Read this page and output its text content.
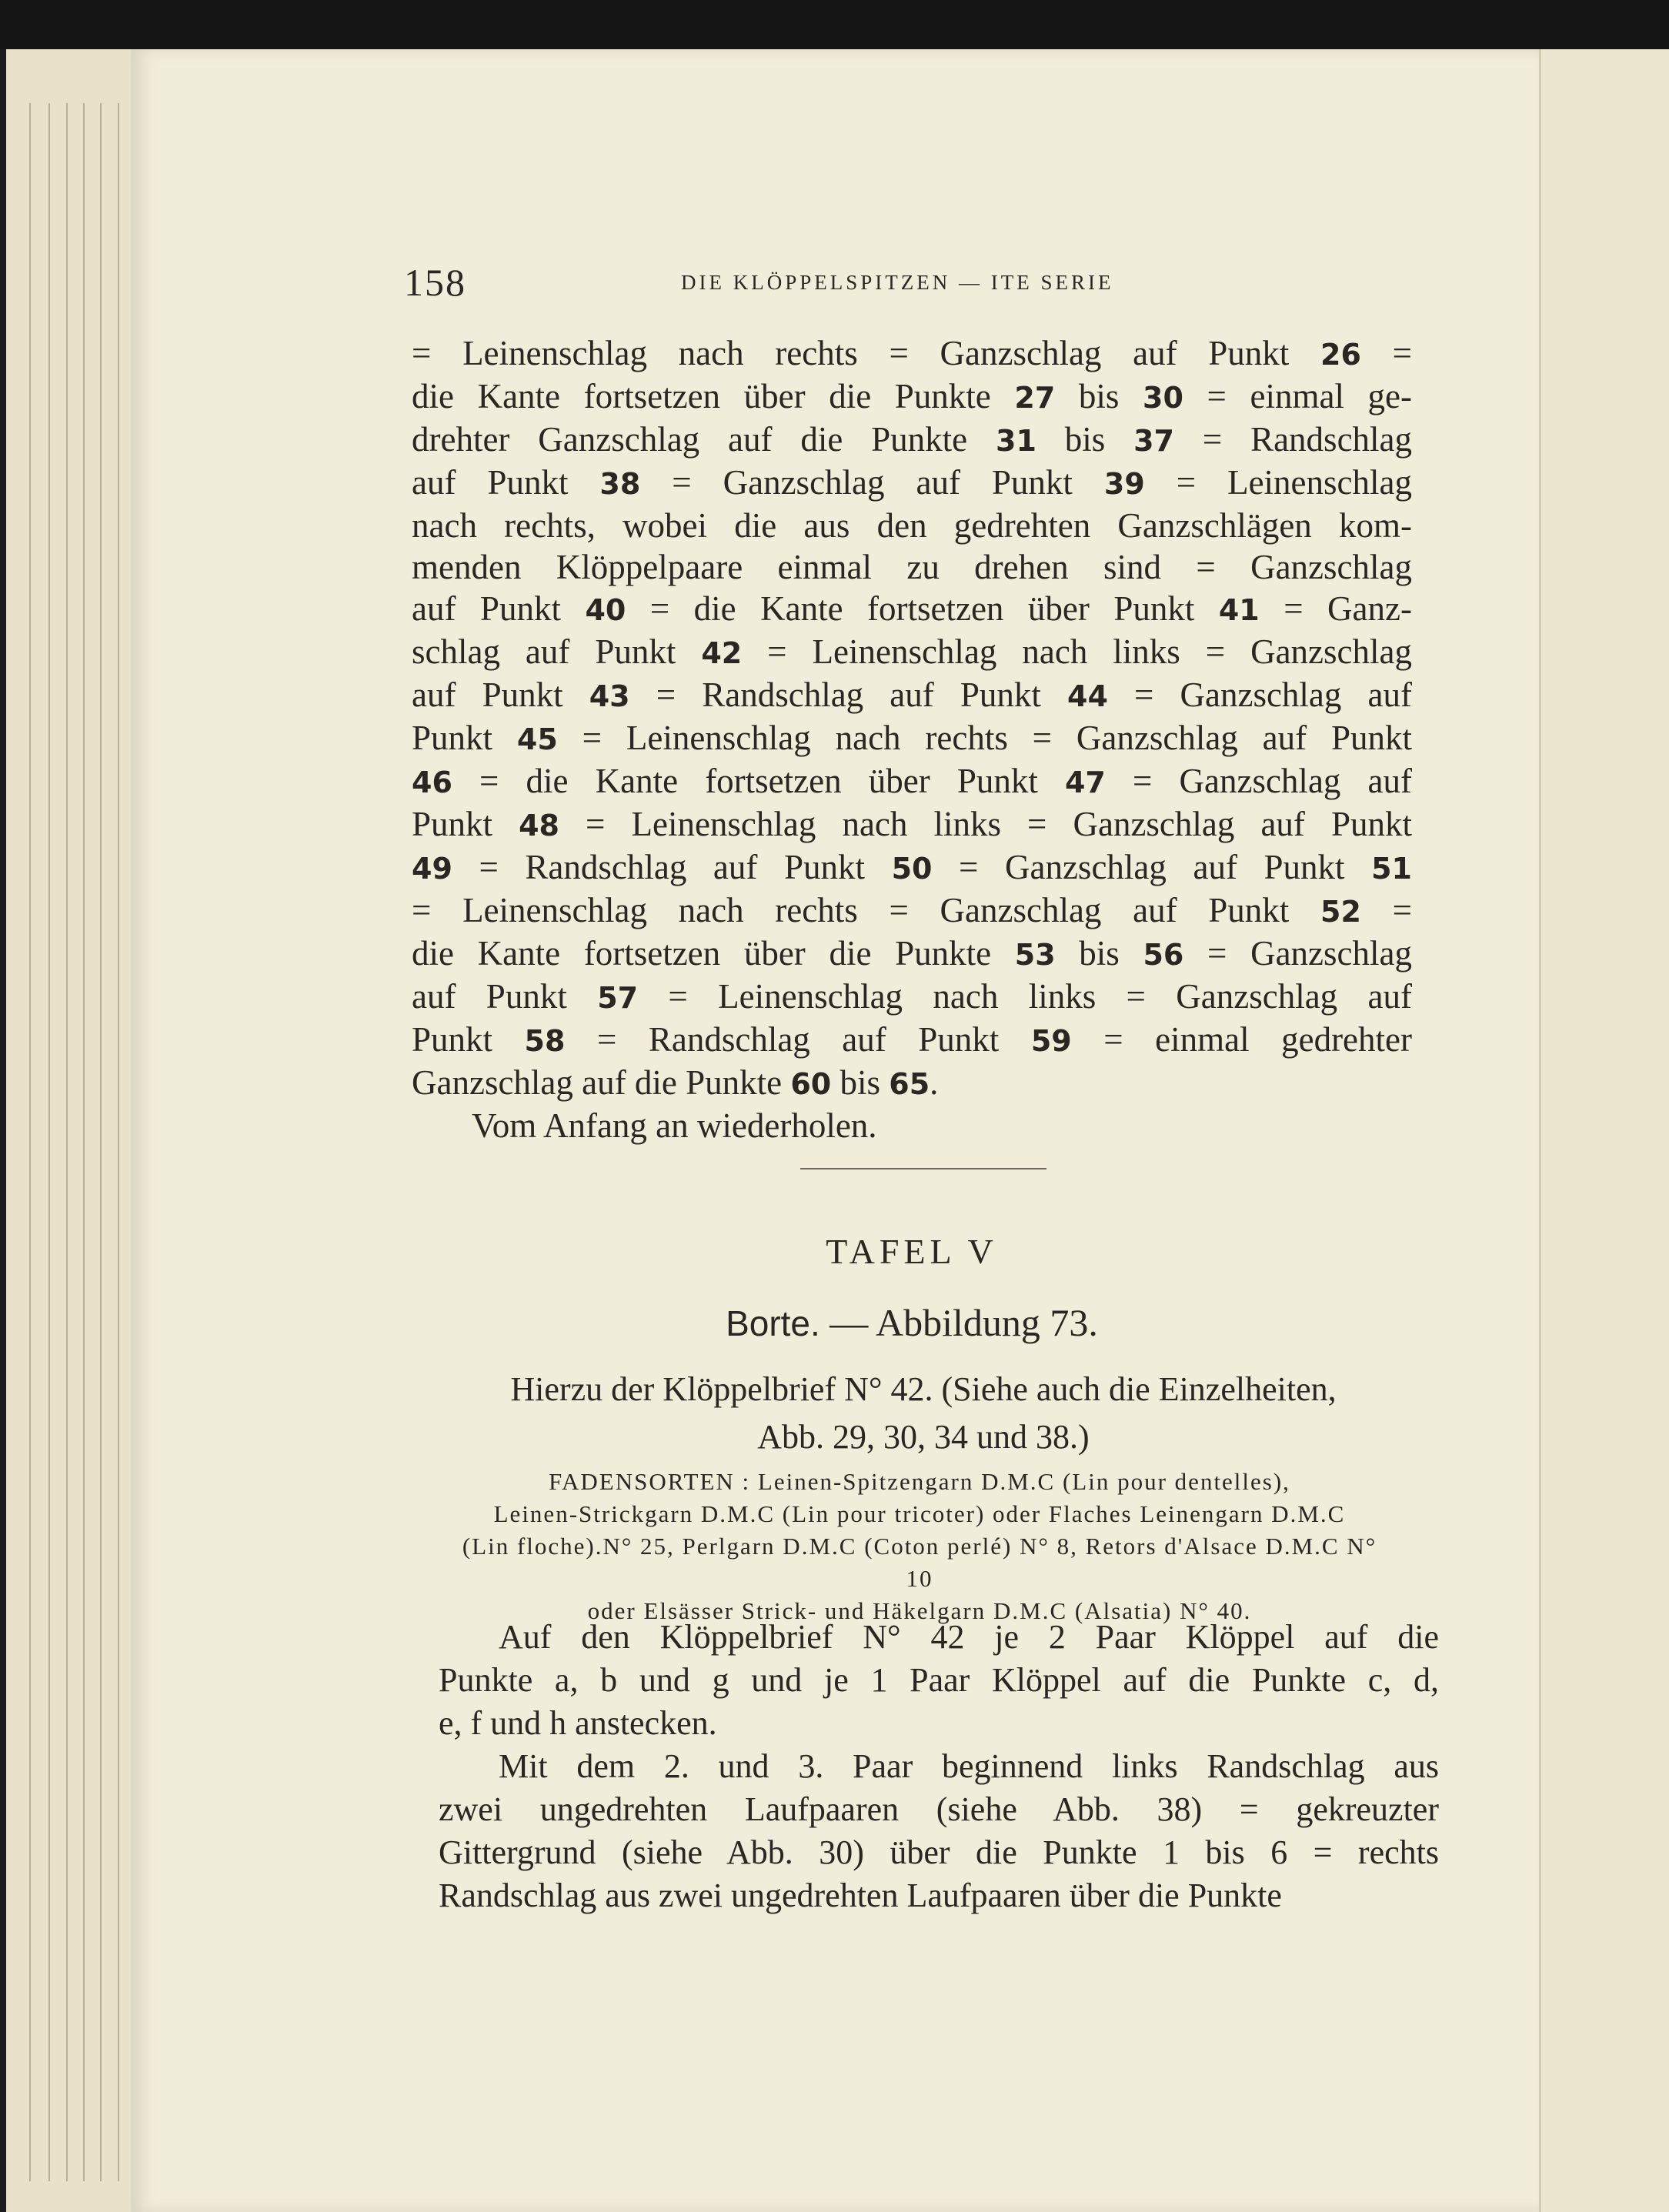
158	DIE KLÖPPELSPITZEN — ITE SERIE

= Leinenschlag nach rechts = Ganzschlag auf Punkt 26 =
die Kante fortsetzen über die Punkte 27 bis 30 = einmal ge-
drehter Ganzschlag auf die Punkte 31 bis 37 = Randschlag
auf Punkt 38 = Ganzschlag auf Punkt 39 = Leinenschlag
nach rechts, wobei die aus den gedrehten Ganzschlägen kom-
menden Klöppelpaare einmal zu drehen sind = Ganzschlag
auf Punkt 40 = die Kante fortsetzen über Punkt 41 = Ganz-
schlag auf Punkt 42 = Leinenschlag nach links = Ganzschlag
auf Punkt 43 = Randschlag auf Punkt 44 = Ganzschlag auf
Punkt 45 = Leinenschlag nach rechts = Ganzschlag auf Punkt
46 = die Kante fortsetzen über Punkt 47 = Ganzschlag auf
Punkt 48 = Leinenschlag nach links = Ganzschlag auf Punkt
49 = Randschlag auf Punkt 50 = Ganzschlag auf Punkt 51
= Leinenschlag nach rechts = Ganzschlag auf Punkt 52 =
die Kante fortsetzen über die Punkte 53 bis 56 = Ganzschlag
auf Punkt 57 = Leinenschlag nach links = Ganzschlag auf
Punkt 58 = Randschlag auf Punkt 59 = einmal gedrehter
Ganzschlag auf die Punkte 60 bis 65.

Vom Anfang an wiederholen.

TAFEL V
Borte. — Abbildung 73.
Hierzu der Klöppelbrief N° 42. (Siehe auch die Einzelheiten,
Abb. 29, 30, 34 und 38.)
FADENSORTEN : Leinen-Spitzengarn D.M.C (Lin pour dentelles),
Leinen-Strickgarn D.M.C (Lin pour tricoter) oder Flaches Leinengarn D.M.C
(Lin floche).N° 25, Perlgarn D.M.C (Coton perlé) N° 8, Retors d'Alsace D.M.C N° 10
oder Elsässer Strick- und Häkelgarn D.M.C (Alsatia) N° 40.

Auf den Klöppelbrief N° 42 je 2 Paar Klöppel auf die
Punkte a, b und g und je 1 Paar Klöppel auf die Punkte c, d,
e, f und h anstecken.

Mit dem 2. und 3. Paar beginnend links Randschlag aus
zwei ungedrehten Laufpaaren (siehe Abb. 38) = gekreuzter
Gittergrund (siehe Abb. 30) über die Punkte 1 bis 6 = rechts
Randschlag aus zwei ungedrehten Laufpaaren über die Punkte
